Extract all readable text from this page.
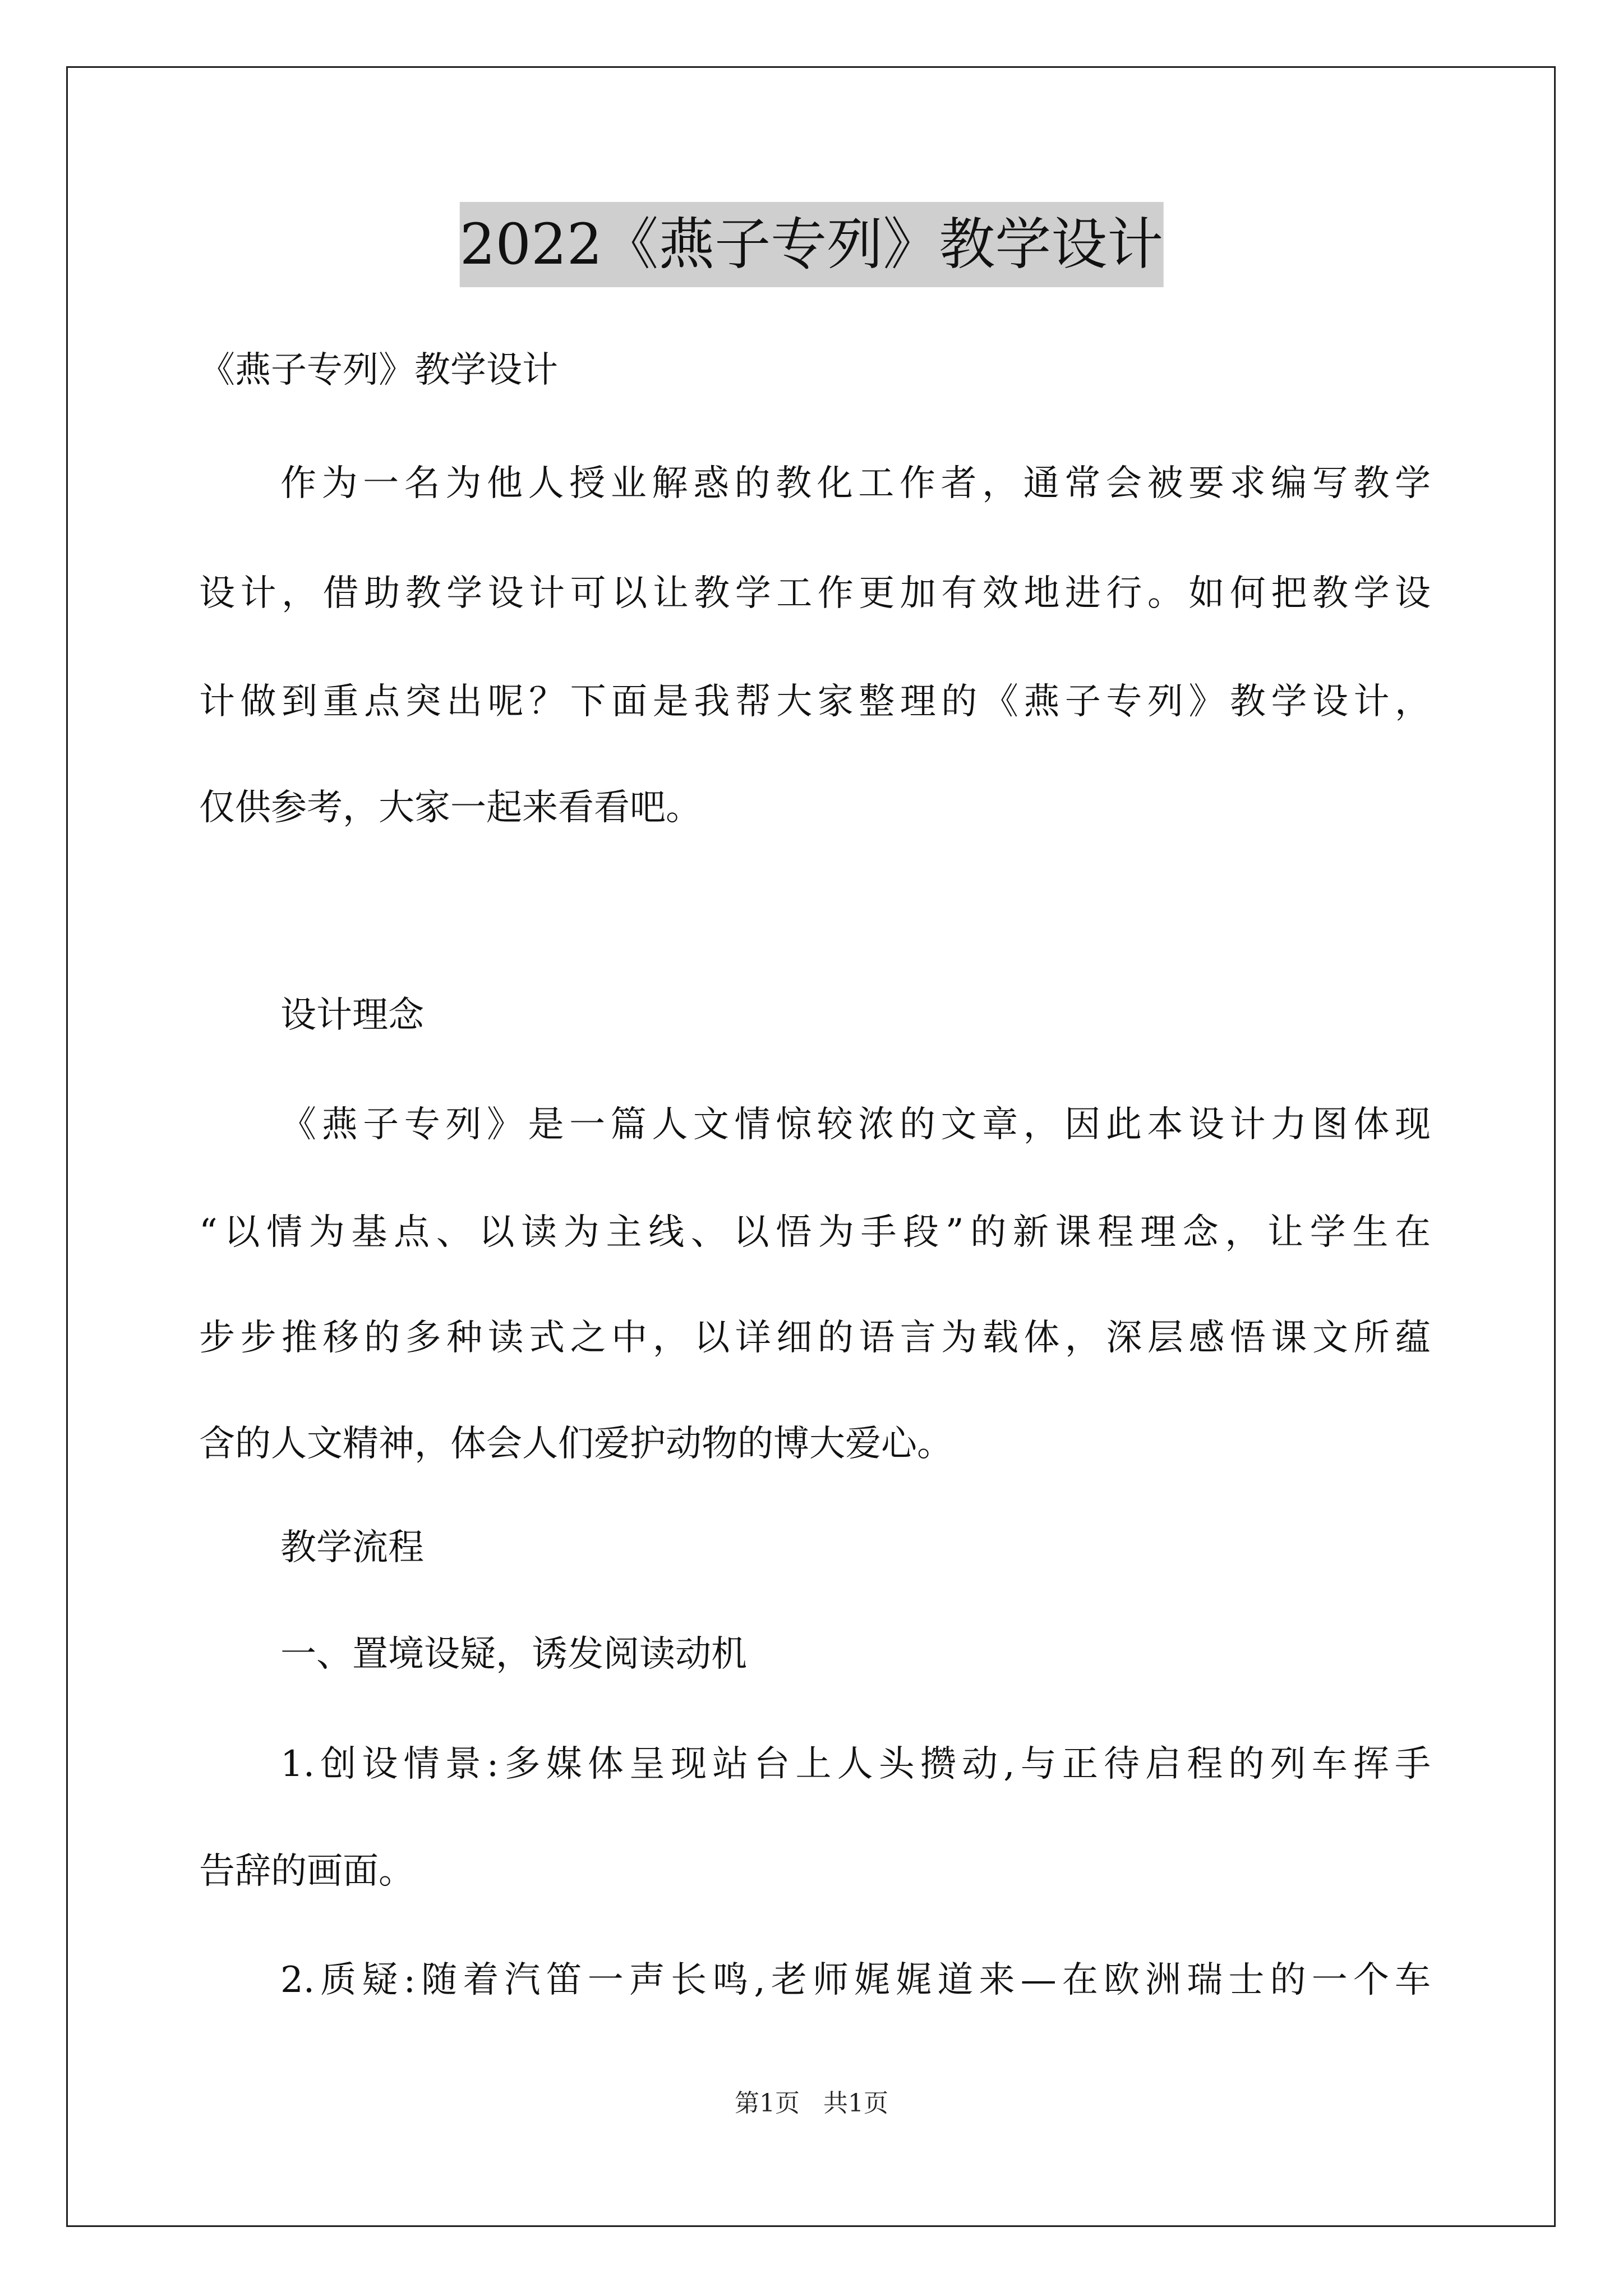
2022《燕子专列》教学设计
《燕子专列》教学设计
作为一名为他人授业解惑的教化工作者，通常会被要求编写教学
设计，借助教学设计可以让教学工作更加有效地进行。如何把教学设
计做到重点突出呢？下面是我帮大家整理的《燕子专列》教学设计，
仅供参考，大家一起来看看吧。
设计理念
《燕子专列》是一篇人文情惊较浓的文章，因此本设计力图体现
“以情为基点、以读为主线、以悟为手段”的新课程理念，让学生在
步步推移的多种读式之中，以详细的语言为载体，深层感悟课文所蕴
含的人文精神，体会人们爱护动物的博大爱心。
教学流程
一、置境设疑，诱发阅读动机
1.创设情景:多媒体呈现站台上人头攒动,与正待启程的列车挥手
告辞的画面。
2.质疑:随着汽笛一声长鸣,老师娓娓道来—在欧洲瑞士的一个车
第1页 共1页
